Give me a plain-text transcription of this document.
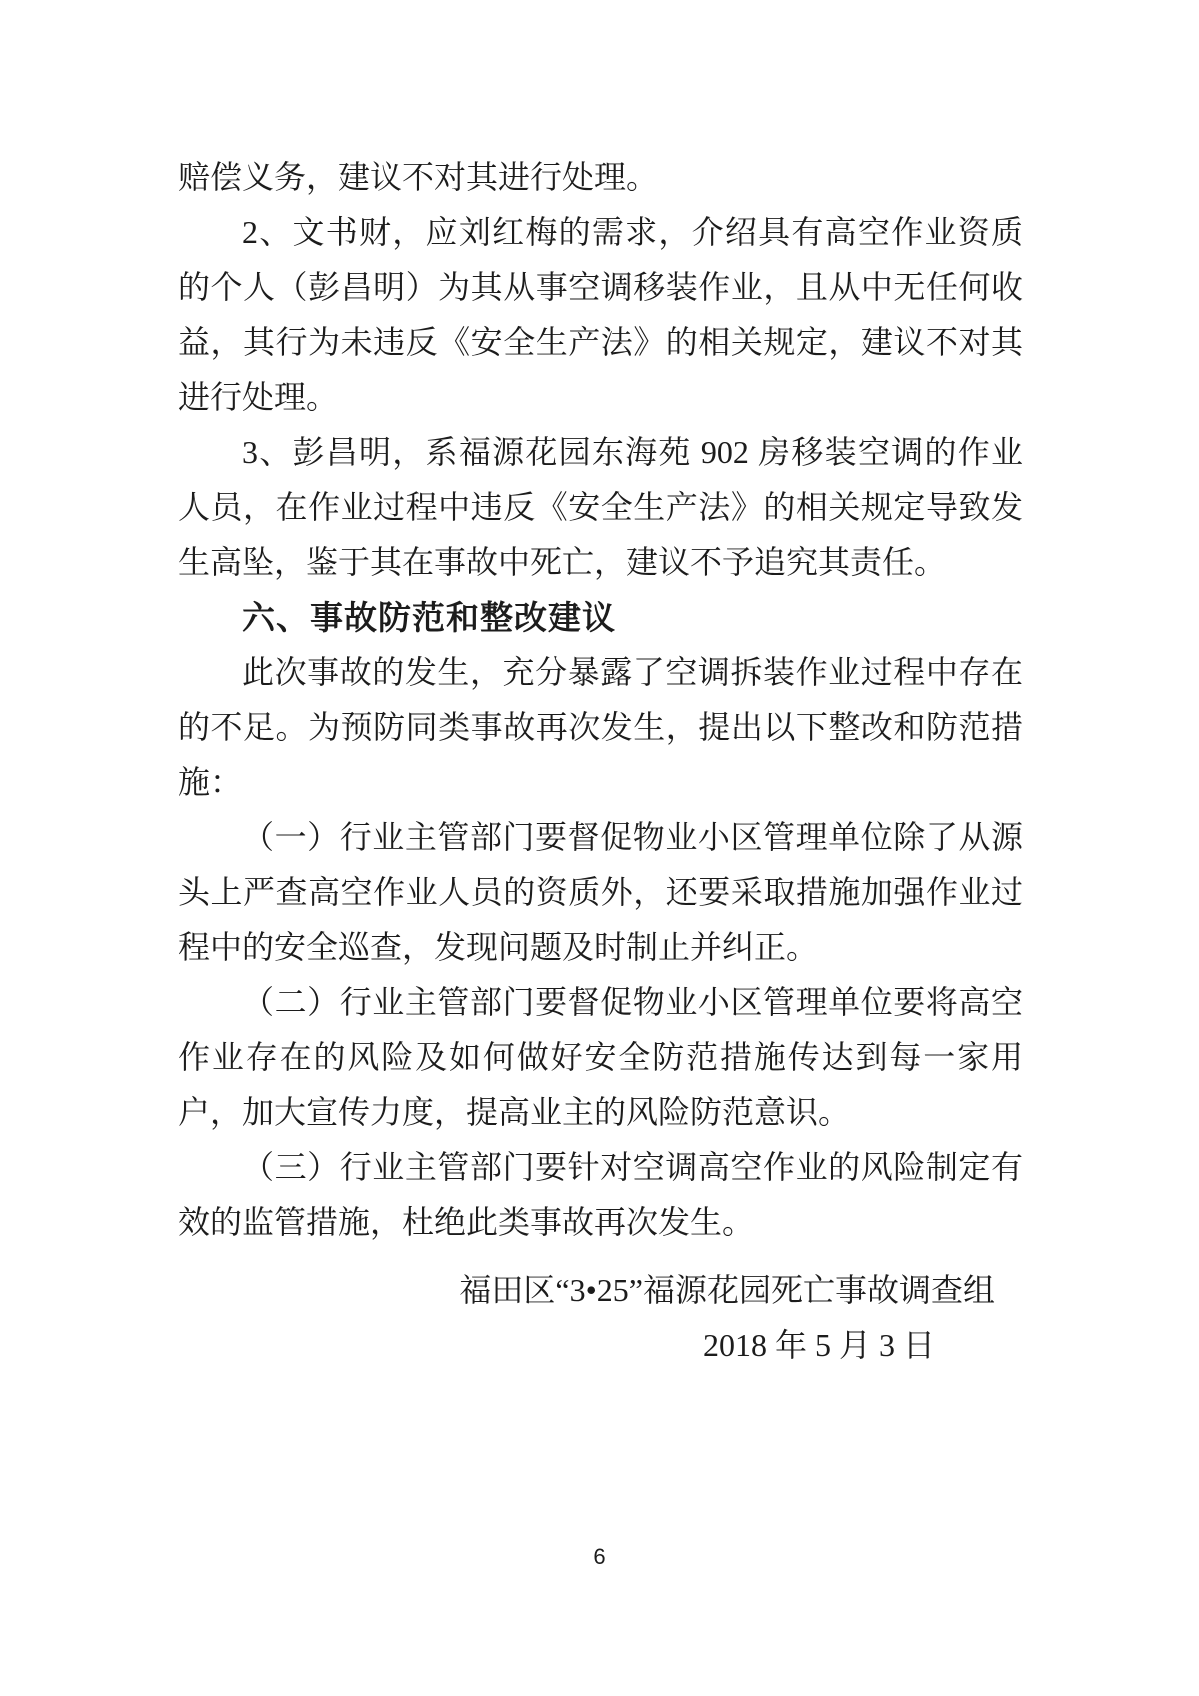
赔偿义务，建议不对其进行处理。
2、文书财，应刘红梅的需求，介绍具有高空作业资质
的个人（彭昌明）为其从事空调移装作业，且从中无任何收
益，其行为未违反《安全生产法》的相关规定，建议不对其
进行处理。
3、彭昌明，系福源花园东海苑 902 房移装空调的作业
人员，在作业过程中违反《安全生产法》的相关规定导致发
生高坠，鉴于其在事故中死亡，建议不予追究其责任。
六、事故防范和整改建议
此次事故的发生，充分暴露了空调拆装作业过程中存在
的不足。为预防同类事故再次发生，提出以下整改和防范措
施：
（一）行业主管部门要督促物业小区管理单位除了从源
头上严查高空作业人员的资质外，还要采取措施加强作业过
程中的安全巡查，发现问题及时制止并纠正。
（二）行业主管部门要督促物业小区管理单位要将高空
作业存在的风险及如何做好安全防范措施传达到每一家用
户，加大宣传力度，提高业主的风险防范意识。
（三）行业主管部门要针对空调高空作业的风险制定有
效的监管措施，杜绝此类事故再次发生。
福田区“3•25”福源花园死亡事故调查组
2018 年 5 月 3 日
6
